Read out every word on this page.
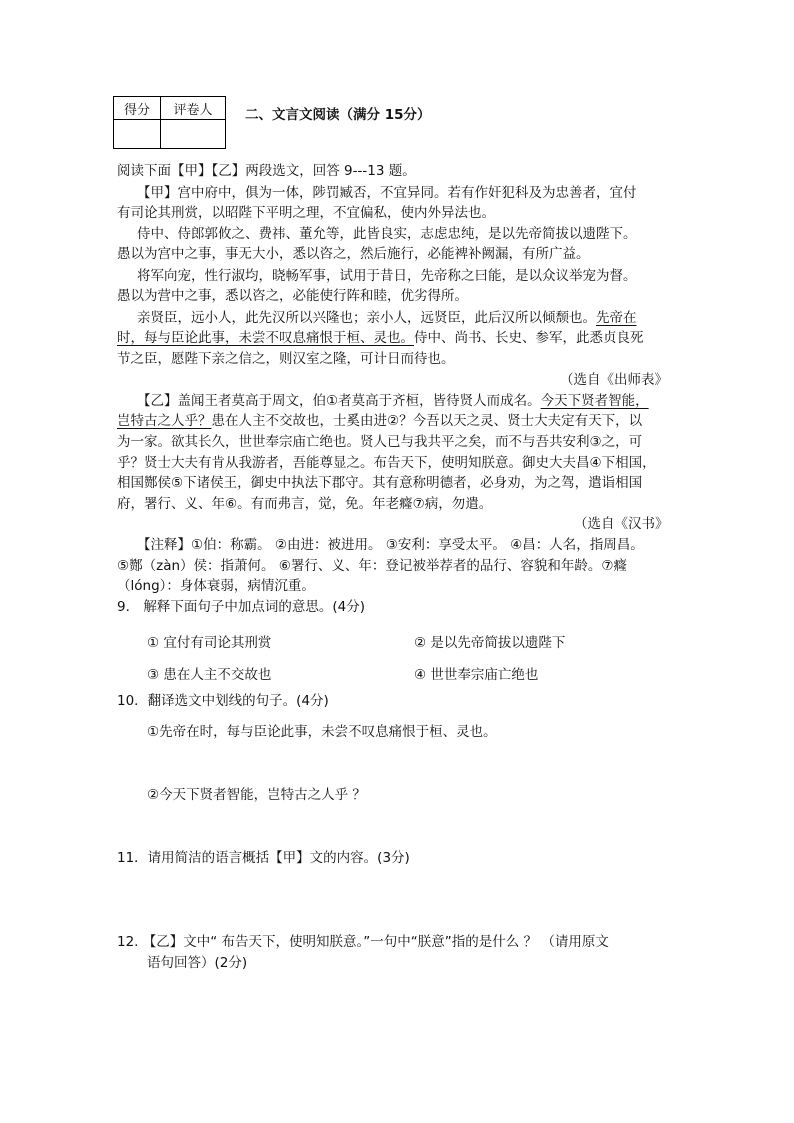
得分	评卷人
	二、文言文阅读（满分 15分）
阅读下面【甲】【乙】两段选文，回答 9---13 题。
【甲】宫中府中，俱为一体，陟罚臧否，不宜异同。若有作奸犯科及为忠善者，宜付
有司论其刑赏，以昭陛下平明之理，不宜偏私，使内外异法也。
侍中、侍郎郭攸之、费祎、董允等，此皆良实，志虑忠纯，是以先帝简拔以遗陛下。
愚以为宫中之事，事无大小，悉以咨之，然后施行，必能裨补阙漏，有所广益。
将军向宠，性行淑均，晓畅军事，试用于昔日，先帝称之曰能，是以众议举宠为督。
愚以为营中之事，悉以咨之，必能使行阵和睦，优劣得所。
亲贤臣，远小人，此先汉所以兴隆也；亲小人，远贤臣，此后汉所以倾颓也。先帝在
时，每与臣论此事，未尝不叹息痛恨于桓、灵也。侍中、尚书、长史、参军，此悉贞良死
节之臣，愿陛下亲之信之，则汉室之隆，可计日而待也。
（选自《出师表》
【乙】盖闻王者莫高于周文，伯①者莫高于齐桓，皆待贤人而成名。今天下贤者智能，
岂特古之人乎？患在人主不交故也，士奚由进②？今吾以天之灵、贤士大夫定有天下，以
为一家。欲其长久，世世奉宗庙亡绝也。贤人已与我共平之矣，而不与吾共安利③之，可
乎？贤士大夫有肯从我游者，吾能尊显之。布告天下，使明知朕意。御史大夫昌④下相国，
相国酂侯⑤下诸侯王，御史中执法下郡守。其有意称明德者，必身劝，为之驾，遣诣相国
府，署行、义、年⑥。有而弗言，觉，免。年老癃⑦病，勿遣。
（选自《汉书》
【注释】①伯：称霸。 ②由进：被进用。 ③安利：享受太平。 ④昌：人名，指周昌。
⑤酂（zàn）侯：指萧何。 ⑥署行、义、年：登记被举荐者的品行、容貌和年龄。⑦癃
（lóng）：身体衰弱，病情沉重。
9． 解释下面句子中加点词的意思。(4分)
① 宜付有司论其刑赏	② 是以先帝简拔以遗陛下
③ 患在人主不交故也	④ 世世奉宗庙亡绝也
10．翻译选文中划线的句子。(4分)
①先帝在时，每与臣论此事，未尝不叹息痛恨于桓、灵也。
②今天下贤者智能，岂特古之人乎 ？
11．请用简洁的语言概括【甲】文的内容。(3分)
12. 【乙】文中“ 布告天下，使明知朕意。”一句中“朕意”指的是什么 ？ （请用原文
语句回答）(2分)
